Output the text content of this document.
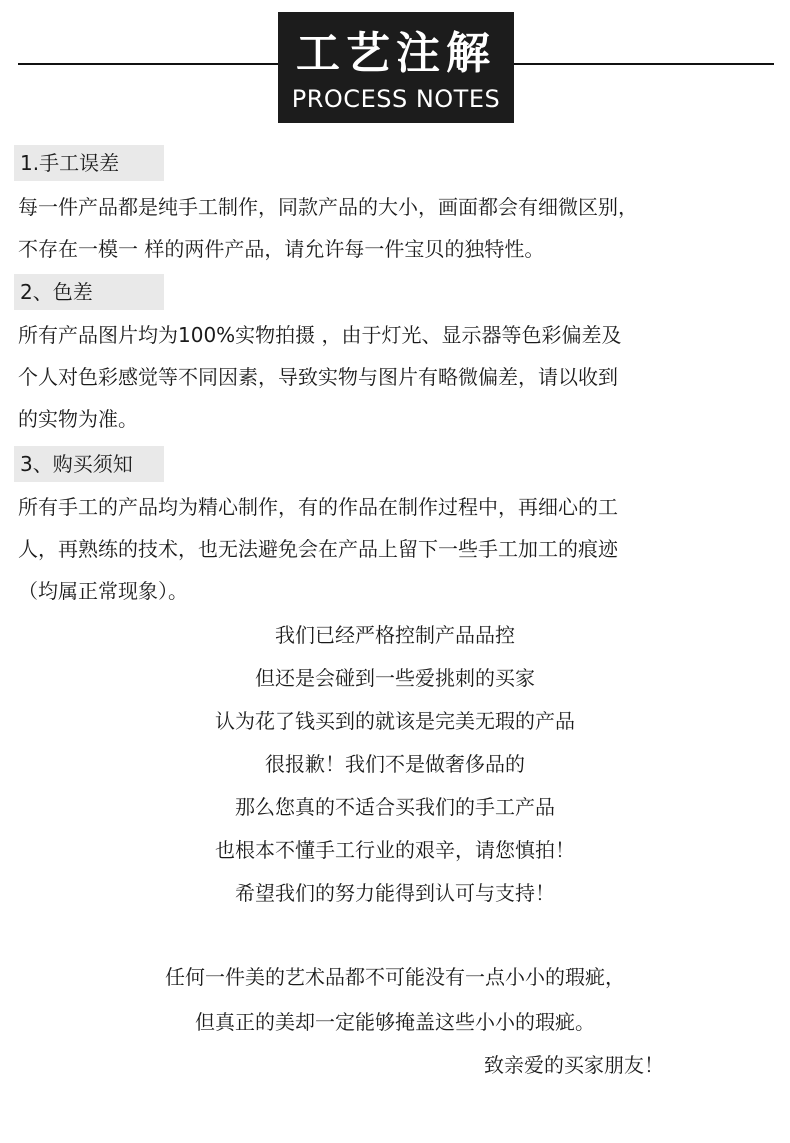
工艺注解
PROCESS NOTES
1.手工误差
每一件产品都是纯手工制作，同款产品的大小，画面都会有细微区别，
不存在一模一 样的两件产品，请允许每一件宝贝的独特性。
2、色差
所有产品图片均为100%实物拍摄 ，由于灯光、显示器等色彩偏差及
个人对色彩感觉等不同因素，导致实物与图片有略微偏差，请以收到
的实物为准。
3、购买须知
所有手工的产品均为精心制作，有的作品在制作过程中，再细心的工
人，再熟练的技术，也无法避免会在产品上留下一些手工加工的痕迹
（均属正常现象）。
我们已经严格控制产品品控
但还是会碰到一些爱挑刺的买家
认为花了钱买到的就该是完美无瑕的产品
很报歉！我们不是做奢侈品的
那么您真的不适合买我们的手工产品
也根本不懂手工行业的艰辛，请您慎拍！
希望我们的努力能得到认可与支持！
任何一件美的艺术品都不可能没有一点小小的瑕疵，
但真正的美却一定能够掩盖这些小小的瑕疵。
致亲爱的买家朋友！
